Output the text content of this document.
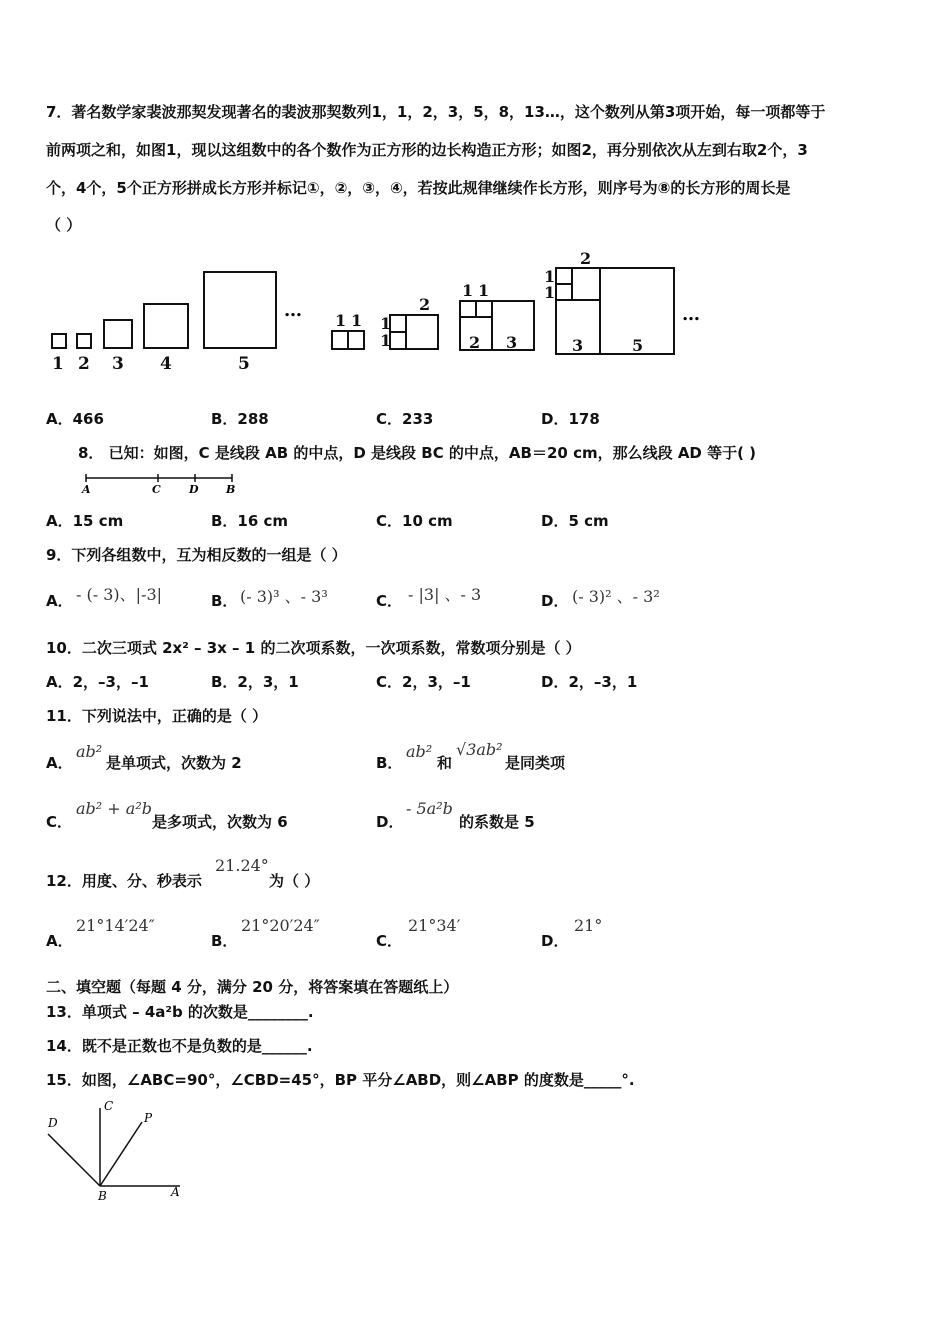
7．著名数学家裴波那契发现著名的裴波那契数列1，1，2，3，5，8，13…，这个数列从第3项开始，每一项都等于
前两项之和，如图1，现以这组数中的各个数作为正方形的边长构造正方形；如图2，再分别依次从左到右取2个，3
个，4个，5个正方形拼成长方形并标记①，②，③，④，若按此规律继续作长方形，则序号为⑧的长方形的周长是
（ ）
1 2 3 4	5
… 1 1 1
1
2
1 1
2 3
1
1
2
3	5
…
A．466	B．288	C．233	D．178
8． 已知：如图，C 是线段 AB 的中点，D 是线段 BC 的中点，AB＝20 cm，那么线段 AD 等于( )
A	C	D B
A．15 cm	B．16 cm	C．10 cm	D．5 cm
9．下列各组数中，互为相反数的一组是（ ）
A． - (- 3)、|-3|	B． (- 3)³ 、- 3³	C． - |3| 、- 3	D． (- 3)² 、- 3²
10．二次三项式 2x² – 3x – 1 的二次项系数，一次项系数，常数项分别是（ ）
A．2，–3，–1	B．2，3，1	C．2，3，–1	D．2，–3，1
11．下列说法中，正确的是（ ）
A．
ab²
是单项式，次数为 2	B．
ab²
和
√3ab²
是同类项
C．
ab² + a²b
是多项式，次数为 6	D．
- 5a²b
的系数是 5
12．用度、分、秒表示
21.24°
为（ ）
A．
21°14′24″
B．
21°20′24″
C．
21°34′
D．
21°
二、填空题（每题 4 分，满分 20 分，将答案填在答题纸上）
13．单项式 – 4a²b 的次数是________.
14．既不是正数也不是负数的是______.
15．如图，∠ABC=90°，∠CBD=45°，BP 平分∠ABD，则∠ABP 的度数是_____°.
D
C
P
B	A
